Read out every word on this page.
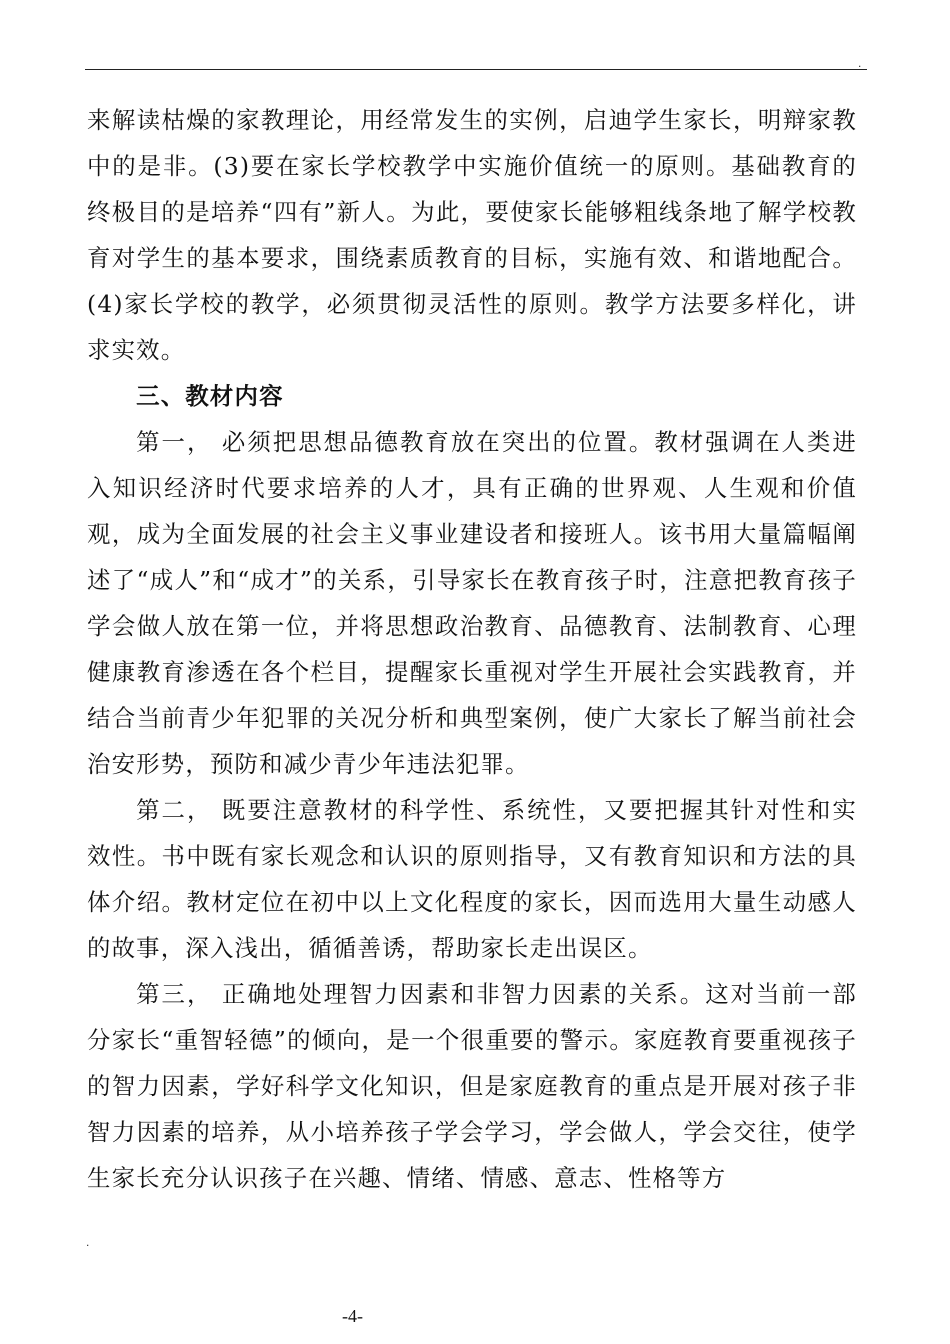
.

来解读枯燥的家教理论，用经常发生的实例，启迪学生家长，明辩家教中的是非。(3)要在家长学校教学中实施价值统一的原则。基础教育的终极目的是培养“四有”新人。为此，要使家长能够粗线条地了解学校教育对学生的基本要求，围绕素质教育的目标，实施有效、和谐地配合。(4)家长学校的教学，必须贯彻灵活性的原则。教学方法要多样化，讲求实效。

三、教材内容

第一， 必须把思想品德教育放在突出的位置。教材强调在人类进入知识经济时代要求培养的人才，具有正确的世界观、人生观和价值观，成为全面发展的社会主义事业建设者和接班人。该书用大量篇幅阐述了“成人”和“成才”的关系，引导家长在教育孩子时，注意把教育孩子学会做人放在第一位，并将思想政治教育、品德教育、法制教育、心理健康教育渗透在各个栏目，提醒家长重视对学生开展社会实践教育，并结合当前青少年犯罪的关况分析和典型案例，使广大家长了解当前社会治安形势，预防和减少青少年违法犯罪。

第二， 既要注意教材的科学性、系统性，又要把握其针对性和实效性。书中既有家长观念和认识的原则指导，又有教育知识和方法的具体介绍。教材定位在初中以上文化程度的家长，因而选用大量生动感人的故事，深入浅出，循循善诱，帮助家长走出误区。

第三， 正确地处理智力因素和非智力因素的关系。这对当前一部分家长“重智轻德”的倾向，是一个很重要的警示。家庭教育要重视孩子的智力因素，学好科学文化知识，但是家庭教育的重点是开展对孩子非智力因素的培养，从小培养孩子学会学习，学会做人，学会交往，使学生家长充分认识孩子在兴趣、情绪、情感、意志、性格等方

.
-4-
